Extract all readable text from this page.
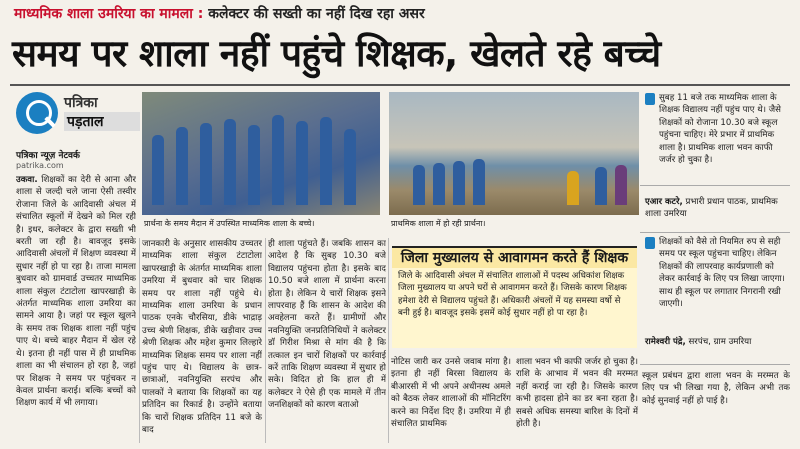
माध्यमिक शाला उमरिया का मामला : कलेक्टर की सख्ती का नहीं दिख रहा असर
समय पर शाला नहीं पहुंचे शिक्षक, खेलते रहे बच्चे
पत्रिका
पड़ताल
पत्रिका न्यूज़ नेटवर्क
patrika.com
उकवा. शिक्षकों का देरी से आना और शाला से जल्दी चले जाना ऐसी तस्वीर रोजाना जिले के आदिवासी अंचल में संचालित स्कूलों में देखने को मिल रही है। इधर, कलेक्टर के द्वारा सख्ती भी बरती जा रही है। बावजूद इसके आदिवासी अंचलों में शिक्षण व्यवस्था में सुधार नहीं हो पा रहा है। ताजा मामला बुधवार को ग्रामवार्ड उच्चतर माध्यमिक शाला संकुल टंटाटोला खापरखाड़ी के अंतर्गत माध्यमिक शाला उमरिया का सामने आया है। जहां पर स्कूल खुलने के समय तक शिक्षक शाला नहीं पहुंच पाए थे। बच्चे बाहर मैदान में खेल रहे थे। इतना ही नहीं पास में ही प्राथमिक शाला का भी संचालन हो रहा है, जहां पर शिक्षक ने समय पर पहुंचकर न केवल प्रार्थना कराई। बल्कि बच्चों को शिक्षण कार्य में भी लगाया।
जानकारी के अनुसार शासकीय उच्चतर माध्यमिक शाला संकुल टंटाटोला खापरखाड़ी के अंतर्गत माध्यमिक शाला उमरिया में बुधवार को चार शिक्षक समय पर शाला नहीं पहुंचे थे। माध्यमिक शाला उमरिया के प्रधान पाठक एनके चौरसिया, डीके भाद्राड़ उच्च श्रेणी शिक्षक, डीके खड़ीवार उच्च श्रेणी शिक्षक और महेश कुमार लिल्हारे माध्यमिक शिक्षक समय पर शाला नहीं पहुंच पाए थे। विद्यालय के छात्र-छात्राओं, नवनियुक्ति सरपंच और पालकों ने बताया कि शिक्षकों का यह प्रतिदिन का रिकार्ड है। उन्होंने बताया कि चारों शिक्षक प्रतिदिन 11 बजे के बाद
ही शाला पहुंचते हैं। जबकि शासन का आदेश है कि सुबह 10.30 बजे विद्यालय पहुंचना होता है। इसके बाद 10.50 बजे शाला में प्रार्थना करना होता है। लेकिन ये चारों शिक्षक इसने लापरवाह हैं कि शासन के आदेश की अवहेलना करते हैं। ग्रामीणों और नवनियुक्ति जनप्रतिनिधियों ने कलेक्टर डॉ गिरीश मिश्रा से मांग की है कि तत्काल इन चारों शिक्षकों पर कार्रवाई करें ताकि शिक्षण व्यवस्था में सुधार हो सके। विदित हो कि हाल ही में कलेक्टर ने ऐसे ही एक मामले में तीन जनशिक्षकों को कारण बताओ
नोटिस जारी कर उनसे जवाब मांगा है। इतना ही नहीं बिरसा विद्यालय के बीआरसी में भी अपने अधीनस्थ अमले को बैठक लेकर शालाओं की मॉनिटरिंग करने का निर्देश दिए हैं। उमरिया में ही संचालित प्राथमिक
शाला भवन भी काफी जर्जर हो चुका है। राशि के आभाव में भवन की मरम्मत नहीं कराई जा रही है। जिसके कारण कभी हादसा होने का डर बना रहता है। सबसे अधिक समस्या बारिश के दिनों में होती है।
स्कूल प्रबंधन द्वारा शाला भवन के मरम्मत के लिए पत्र भी लिखा गया है, लेकिन अभी तक कोई सुनवाई नहीं हो पाई है।
प्रार्थना के समय मैदान में उपस्थित माध्यमिक शाला के बच्चे।	प्राथमिक शाला में हो रही प्रार्थना।
जिला मुख्यालय से आवागमन करते हैं शिक्षक
जिले के आदिवासी अंचल में संचालित शालाओं में पदस्थ अधिकांश शिक्षक जिला मुख्यालय या अपने घरों से आवागमन करते हैं। जिसके कारण शिक्षक हमेशा देरी से विद्यालय पहुंचते हैं। अधिकारी अंचलों में यह समस्या वर्षो से बनी हुई है। बावजूद इसके इसमें कोई सुधार नहीं हो पा रहा है।
सुबह 11 बजे तक माध्यमिक शाला के शिक्षक विद्यालय नहीं पहुंच पाए थे। जैसे शिक्षकों को रोजाना 10.30 बजे स्कूल पहुंचना चाहिए। मेरे प्रभार में प्राथमिक शाला है। प्राथमिक शाला भवन काफी जर्जर हो चुका है।
एआर कटरे, प्रभारी प्रधान पाठक, प्राथमिक शाला उमरिया
शिक्षकों को वैसे तो नियमित रुप से सही समय पर स्कूल पहुंचना चाहिए। लेकिन शिक्षकों की लापरवाह कार्यप्रणाली को लेकर कार्रवाई के लिए पत्र लिखा जाएगा। साथ ही स्कूल पर लगातार निगरानी रखी जाएगी।
रामेश्वरी पंद्रे, सरपंच, ग्राम उमरिया
